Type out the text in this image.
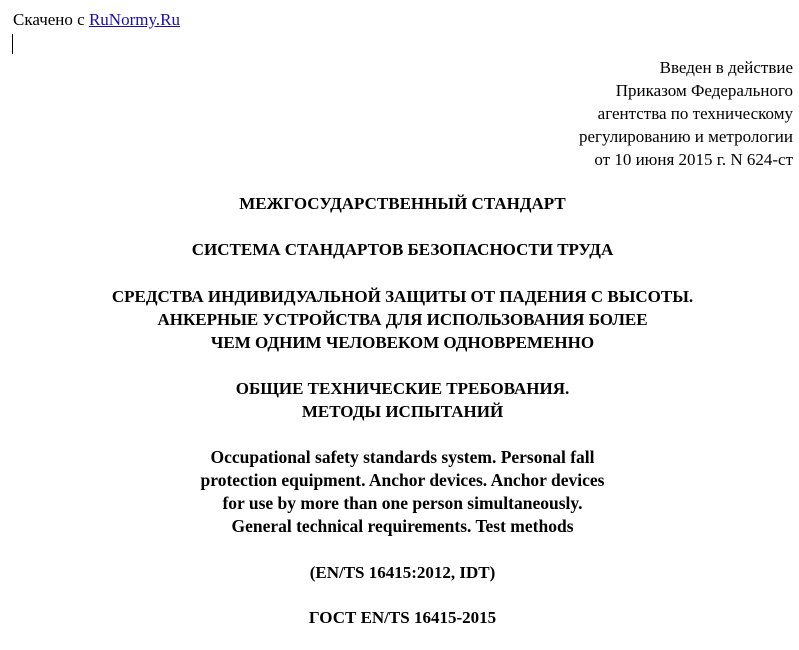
Скачено с RuNormy.Ru
Введен в действие
Приказом Федерального
агентства по техническому
регулированию и метрологии
от 10 июня 2015 г. N 624-ст
МЕЖГОСУДАРСТВЕННЫЙ СТАНДАРТ
СИСТЕМА СТАНДАРТОВ БЕЗОПАСНОСТИ ТРУДА
СРЕДСТВА ИНДИВИДУАЛЬНОЙ ЗАЩИТЫ ОТ ПАДЕНИЯ С ВЫСОТЫ.
АНКЕРНЫЕ УСТРОЙСТВА ДЛЯ ИСПОЛЬЗОВАНИЯ БОЛЕЕ
ЧЕМ ОДНИМ ЧЕЛОВЕКОМ ОДНОВРЕМЕННО
ОБЩИЕ ТЕХНИЧЕСКИЕ ТРЕБОВАНИЯ.
МЕТОДЫ ИСПЫТАНИЙ
Occupational safety standards system. Personal fall
protection equipment. Anchor devices. Anchor devices
for use by more than one person simultaneously.
General technical requirements. Test methods
(EN/TS 16415:2012, IDT)
ГОСТ EN/TS 16415-2015
